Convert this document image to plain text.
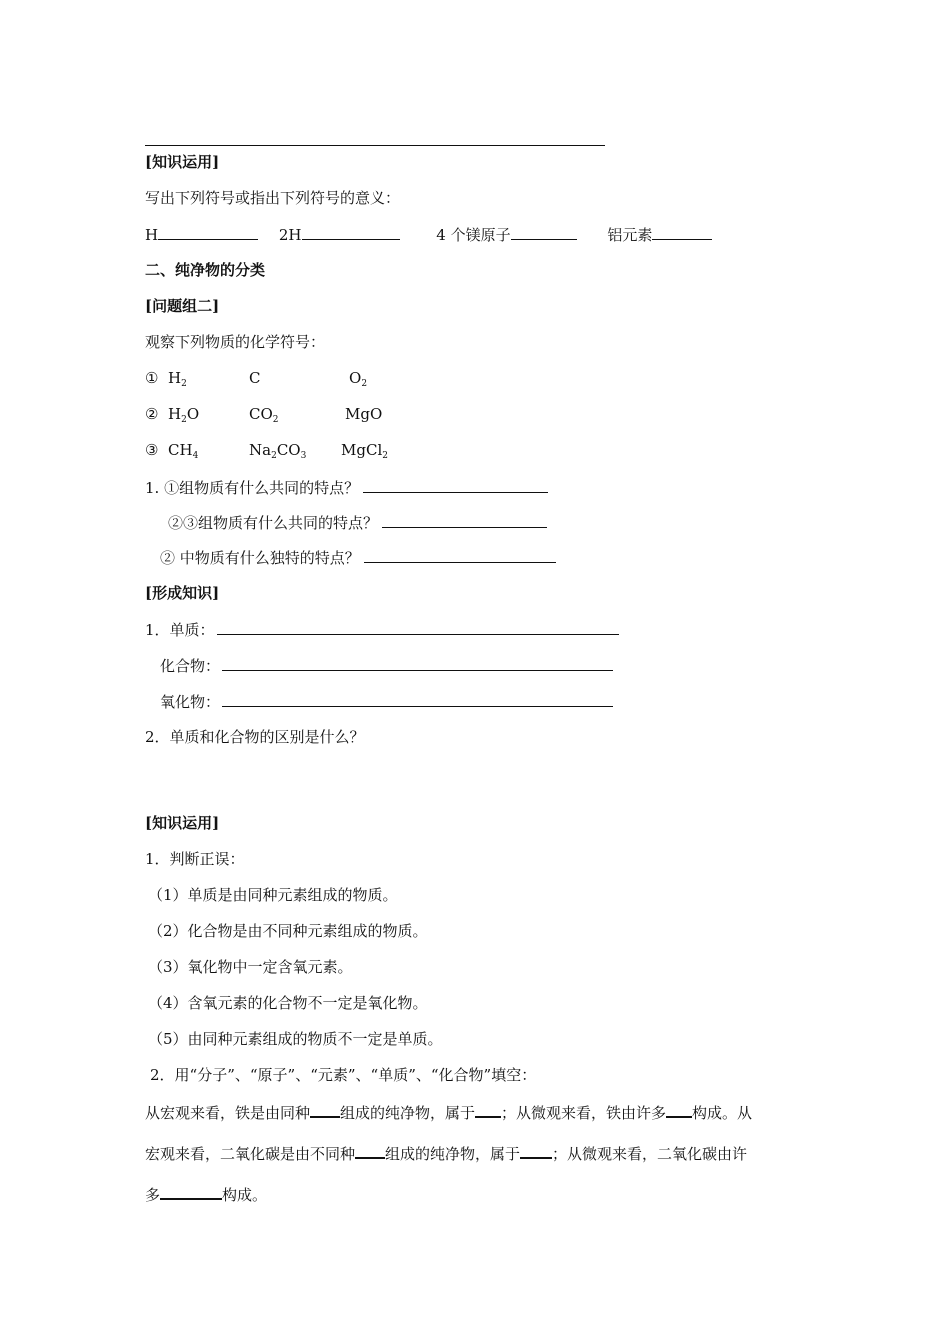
[知识运用]
写出下列符号或指出下列符号的意义：
H	2H	4 个镁原子	铝元素
二、纯净物的分类
[问题组二]
观察下列物质的化学符号：
① $H_2$	C	$O_2$
② $H_2O$	$CO_2$	MgO
③ $CH_4$	$Na_2CO_3$ MgCl$_2$
1. ①组物质有什么共同的特点？
②③组物质有什么共同的特点？
② 中物质有什么独特的特点？
[形成知识]
1．单质：
化合物：
氧化物：
2．单质和化合物的区别是什么？
[知识运用]
1．判断正误：
（1）单质是由同种元素组成的物质。
（2）化合物是由不同种元素组成的物质。
（3）氧化物中一定含氧元素。
（4）含氧元素的化合物不一定是氧化物。
（5）由同种元素组成的物质不一定是单质。
2．用“分子”、“原子”、“元素”、“单质”、“化合物”填空：
从宏观来看，铁是由同种 组成的纯净物，属于 ；从微观来看，铁由许多 构成。从
宏观来看，二氧化碳是由不同种 组成的纯净物，属于 ；从微观来看，二氧化碳由许
多	构成。
